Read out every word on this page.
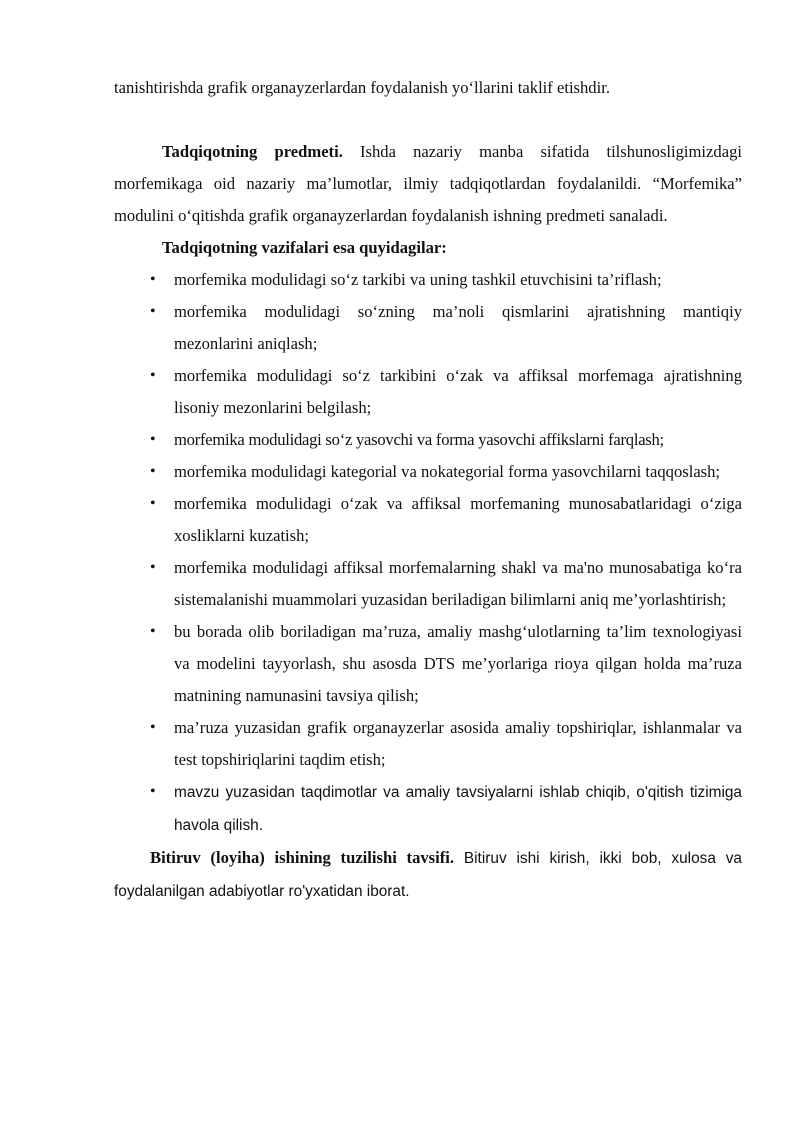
tanishtirishda grafik organayzerlardan foydalanish yo‘llarini taklif etishdir.

Tadqiqotning predmeti. Ishda nazariy manba sifatida tilshunosligimizdagi morfemikaga oid nazariy ma’lumotlar, ilmiy tadqiqotlardan foydalanildi. “Morfemika” modulini o‘qitishda grafik organayzerlardan foydalanish ishning predmeti sanaladi.

Tadqiqotning vazifalari esa quyidagilar:

• morfemika modulidagi so‘z tarkibi va uning tashkil etuvchisini ta’riflash;
• morfemika modulidagi so‘zning ma’noli qismlarini ajratishning mantiqiy mezonlarini aniqlash;
• morfemika modulidagi so‘z tarkibini o‘zak va affiksal morfemaga ajratishning lisoniy mezonlarini belgilash;
• morfemika modulidagi so‘z yasovchi va forma yasovchi affikslarni farqlash;
• morfemika modulidagi kategorial va nokategorial forma yasovchilarni taqqoslash;
• morfemika modulidagi o‘zak va affiksal morfemaning munosabatlaridagi o‘ziga xosliklarni kuzatish;
• morfemika modulidagi affiksal morfemalarning shakl va ma'no munosabatiga ko‘ra sistemalanishi muammolari yuzasidan beriladigan bilimlarni aniq me’yorlashtirish;
• bu borada olib boriladigan ma’ruza, amaliy mashg‘ulotlarning ta’lim texnologiyasi va modelini tayyorlash, shu asosda DTS me’yorlariga rioya qilgan holda ma’ruza matnining namunasini tavsiya qilish;
• ma’ruza yuzasidan grafik organayzerlar asosida amaliy topshiriqlar, ishlanmalar va test topshiriqlarini taqdim etish;
• mavzu yuzasidan taqdimotlar va amaliy tavsiyalarni ishlab chiqib, o'qitish tizimiga havola qilish.

Bitiruv (loyiha) ishining tuzilishi tavsifi. Bitiruv ishi kirish, ikki bob, xulosa va foydalanilgan adabiyotlar ro'yxatidan iborat.
